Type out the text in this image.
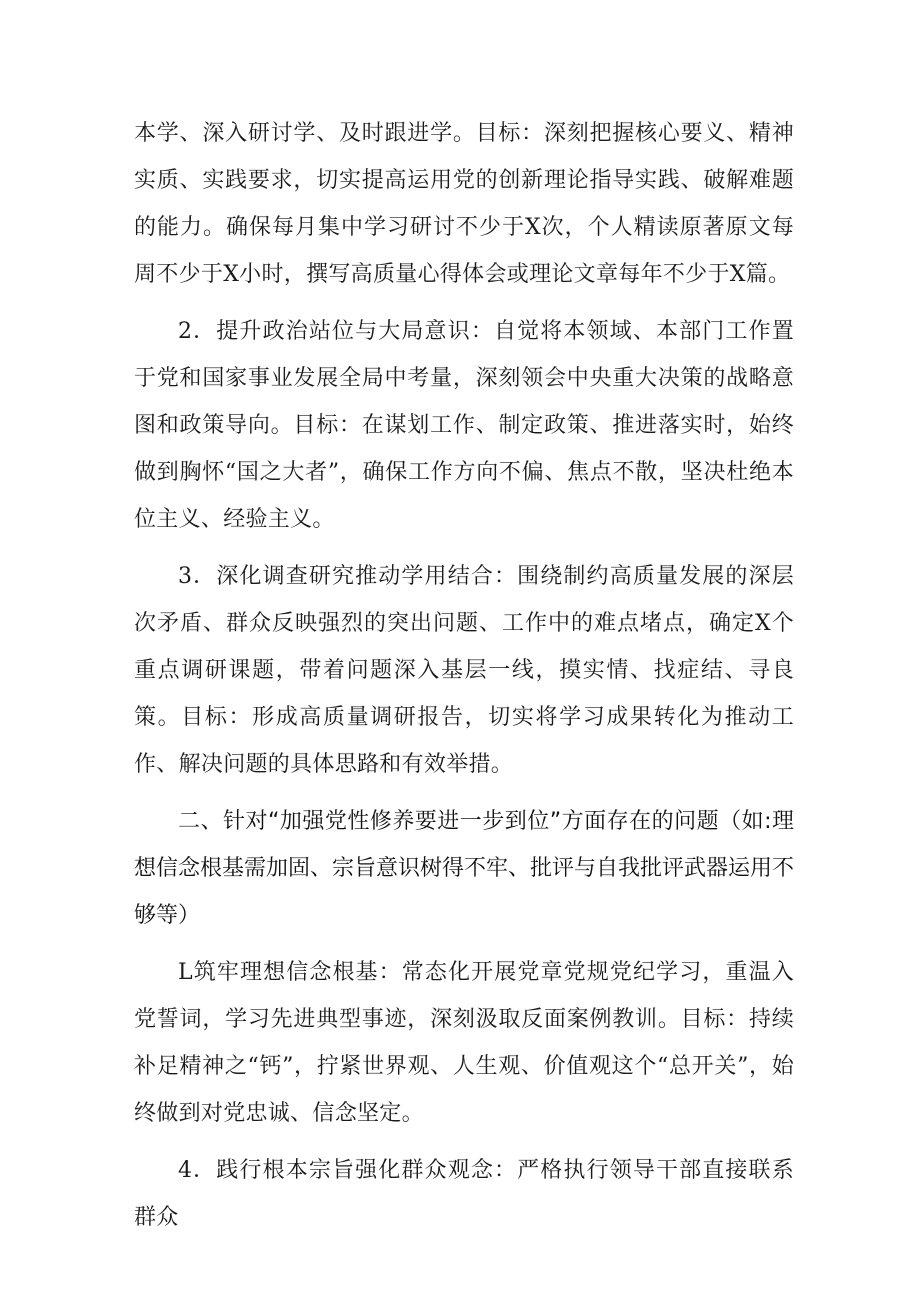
本学、深入研讨学、及时跟进学。目标：深刻把握核心要义、精神实质、实践要求，切实提高运用党的创新理论指导实践、破解难题的能力。确保每月集中学习研讨不少于X次，个人精读原著原文每周不少于X小时，撰写高质量心得体会或理论文章每年不少于X篇。

2．提升政治站位与大局意识：自觉将本领域、本部门工作置于党和国家事业发展全局中考量，深刻领会中央重大决策的战略意图和政策导向。目标：在谋划工作、制定政策、推进落实时，始终做到胸怀“国之大者”，确保工作方向不偏、焦点不散，坚决杜绝本位主义、经验主义。

3．深化调查研究推动学用结合：围绕制约高质量发展的深层次矛盾、群众反映强烈的突出问题、工作中的难点堵点，确定X个重点调研课题，带着问题深入基层一线，摸实情、找症结、寻良策。目标：形成高质量调研报告，切实将学习成果转化为推动工作、解决问题的具体思路和有效举措。

二、针对“加强党性修养要进一步到位”方面存在的问题（如:理想信念根基需加固、宗旨意识树得不牢、批评与自我批评武器运用不够等）

L筑牢理想信念根基：常态化开展党章党规党纪学习，重温入党誓词，学习先进典型事迹，深刻汲取反面案例教训。目标：持续补足精神之“钙”，拧紧世界观、人生观、价值观这个“总开关”，始终做到对党忠诚、信念坚定。

4．践行根本宗旨强化群众观念：严格执行领导干部直接联系群众
